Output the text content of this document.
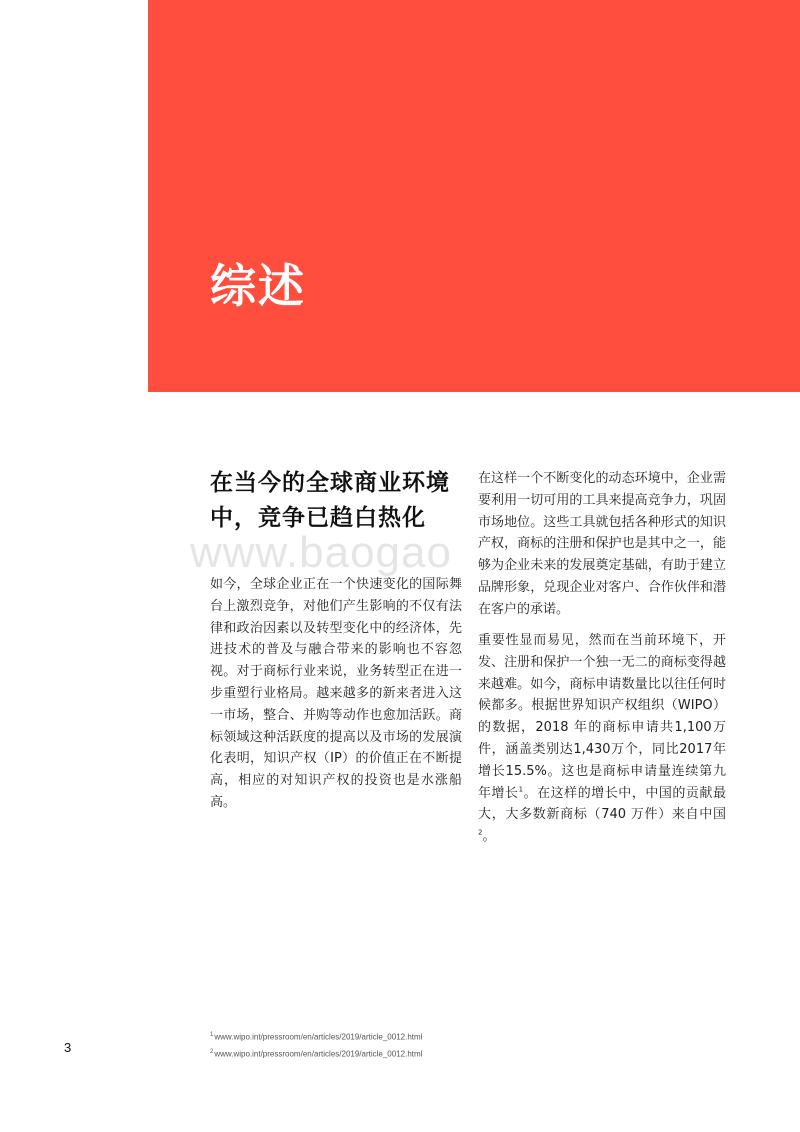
综述
在当今的全球商业环境中，竞争已趋白热化
www.baogao

如今，全球企业正在一个快速变化的国际舞台上激烈竞争，对他们产生影响的不仅有法律和政治因素以及转型变化中的经济体，先进技术的普及与融合带来的影响也不容忽视。对于商标行业来说，业务转型正在进一步重塑行业格局。越来越多的新来者进入这一市场，整合、并购等动作也愈加活跃。商标领域这种活跃度的提高以及市场的发展演化表明，知识产权（IP）的价值正在不断提高，相应的对知识产权的投资也是水涨船高。

在这样一个不断变化的动态环境中，企业需要利用一切可用的工具来提高竞争力，巩固市场地位。这些工具就包括各种形式的知识产权，商标的注册和保护也是其中之一，能够为企业未来的发展奠定基础，有助于建立品牌形象，兑现企业对客户、合作伙伴和潜在客户的承诺。

重要性显而易见，然而在当前环境下，开发、注册和保护一个独一无二的商标变得越来越难。如今，商标申请数量比以往任何时候都多。根据世界知识产权组织（WIPO）的数据，2018 年的商标申请共1,100万件，涵盖类别达1,430万个，同比2017年增长15.5%。这也是商标申请量连续第九年增长$^1$。在这样的增长中，中国的贡献最大，大多数新商标（740 万件）来自中国$^2$。

$^1$www.wipo.int/pressroom/en/articles/2019/article_0012.html
$^2$www.wipo.int/pressroom/en/articles/2019/article_0012.html
3
